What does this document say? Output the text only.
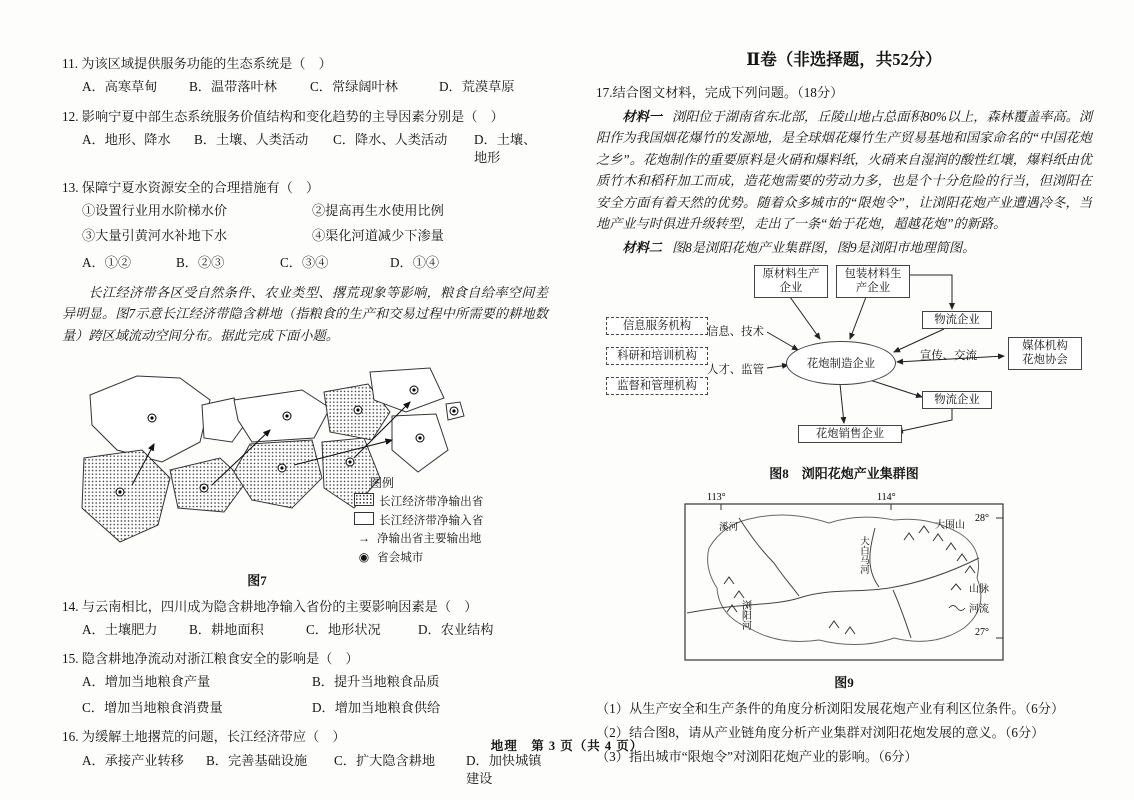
11. 为该区域提供服务功能的生态系统是（　）
A．高寒草甸	B．温带落叶林	C．常绿阔叶林	D．荒漠草原
12. 影响宁夏中部生态系统服务价值结构和变化趋势的主导因素分别是（　）
A．地形、降水	B．土壤、人类活动	C．降水、人类活动	D．土壤、地形
13. 保障宁夏水资源安全的合理措施有（　）
①设置行业用水阶梯水价	②提高再生水使用比例
③大量引黄河水补地下水	④渠化河道减少下渗量
A．①②	B．②③	C．③④	D．①④
长江经济带各区受自然条件、农业类型、撂荒现象等影响，粮食自给率空间差异明显。图7示意长江经济带隐含耕地（指粮食的生产和交易过程中所需要的耕地数量）跨区域流动空间分布。据此完成下面小题。
图例
长江经济带净输出省
长江经济带净输入省
→ 净输出省主要输出地
◉ 省会城市
图7
14. 与云南相比，四川成为隐含耕地净输入省份的主要影响因素是（　）
A．土壤肥力	B．耕地面积	C．地形状况	D．农业结构
15. 隐含耕地净流动对浙江粮食安全的影响是（　）
A．增加当地粮食产量	B．提升当地粮食品质
C．增加当地粮食消费量	D．增加当地粮食供给
16. 为缓解土地撂荒的问题，长江经济带应（　）
A．承接产业转移	B．完善基础设施	C．扩大隐含耕地	D．加快城镇建设
Ⅱ卷（非选择题，共52分）
17.结合图文材料，完成下列问题。（18分）
材料一 浏阳位于湖南省东北部，丘陵山地占总面积80%以上，森林覆盖率高。浏阳作为我国烟花爆竹的发源地，是全球烟花爆竹生产贸易基地和国家命名的“中国花炮之乡”。花炮制作的重要原料是火硝和爆料纸，火硝来自湿润的酸性红壤，爆料纸由优质竹木和稻秆加工而成，造花炮需要的劳动力多，也是个十分危险的行当，但浏阳在安全方面有着天然的优势。随着众多城市的“限炮令”，让浏阳花炮产业遭遇冷冬，当地产业与时俱进升级转型，走出了一条“始于花炮，超越花炮”的新路。
材料二 图8是浏阳花炮产业集群图，图9是浏阳市地理简图。
原材料生产企业
包装材料生产企业
信息服务机构
科研和培训机构
监督和管理机构
信息、技术
人才、监管	花炮制造企业
物流企业
宣传、交流
媒体机构
花炮协会
物流企业
花炮销售企业
图8　浏阳花炮产业集群图
113°	114°
28°
27°
溪河	大围山
浏阳河
大白马河
山脉
河流
图9
（1）从生产安全和生产条件的角度分析浏阳发展花炮产业有利区位条件。（6分）
（2）结合图8，请从产业链角度分析产业集群对浏阳花炮发展的意义。（6分）
（3）指出城市“限炮令”对浏阳花炮产业的影响。（6分）
地理　第 3 页（共 4 页）
